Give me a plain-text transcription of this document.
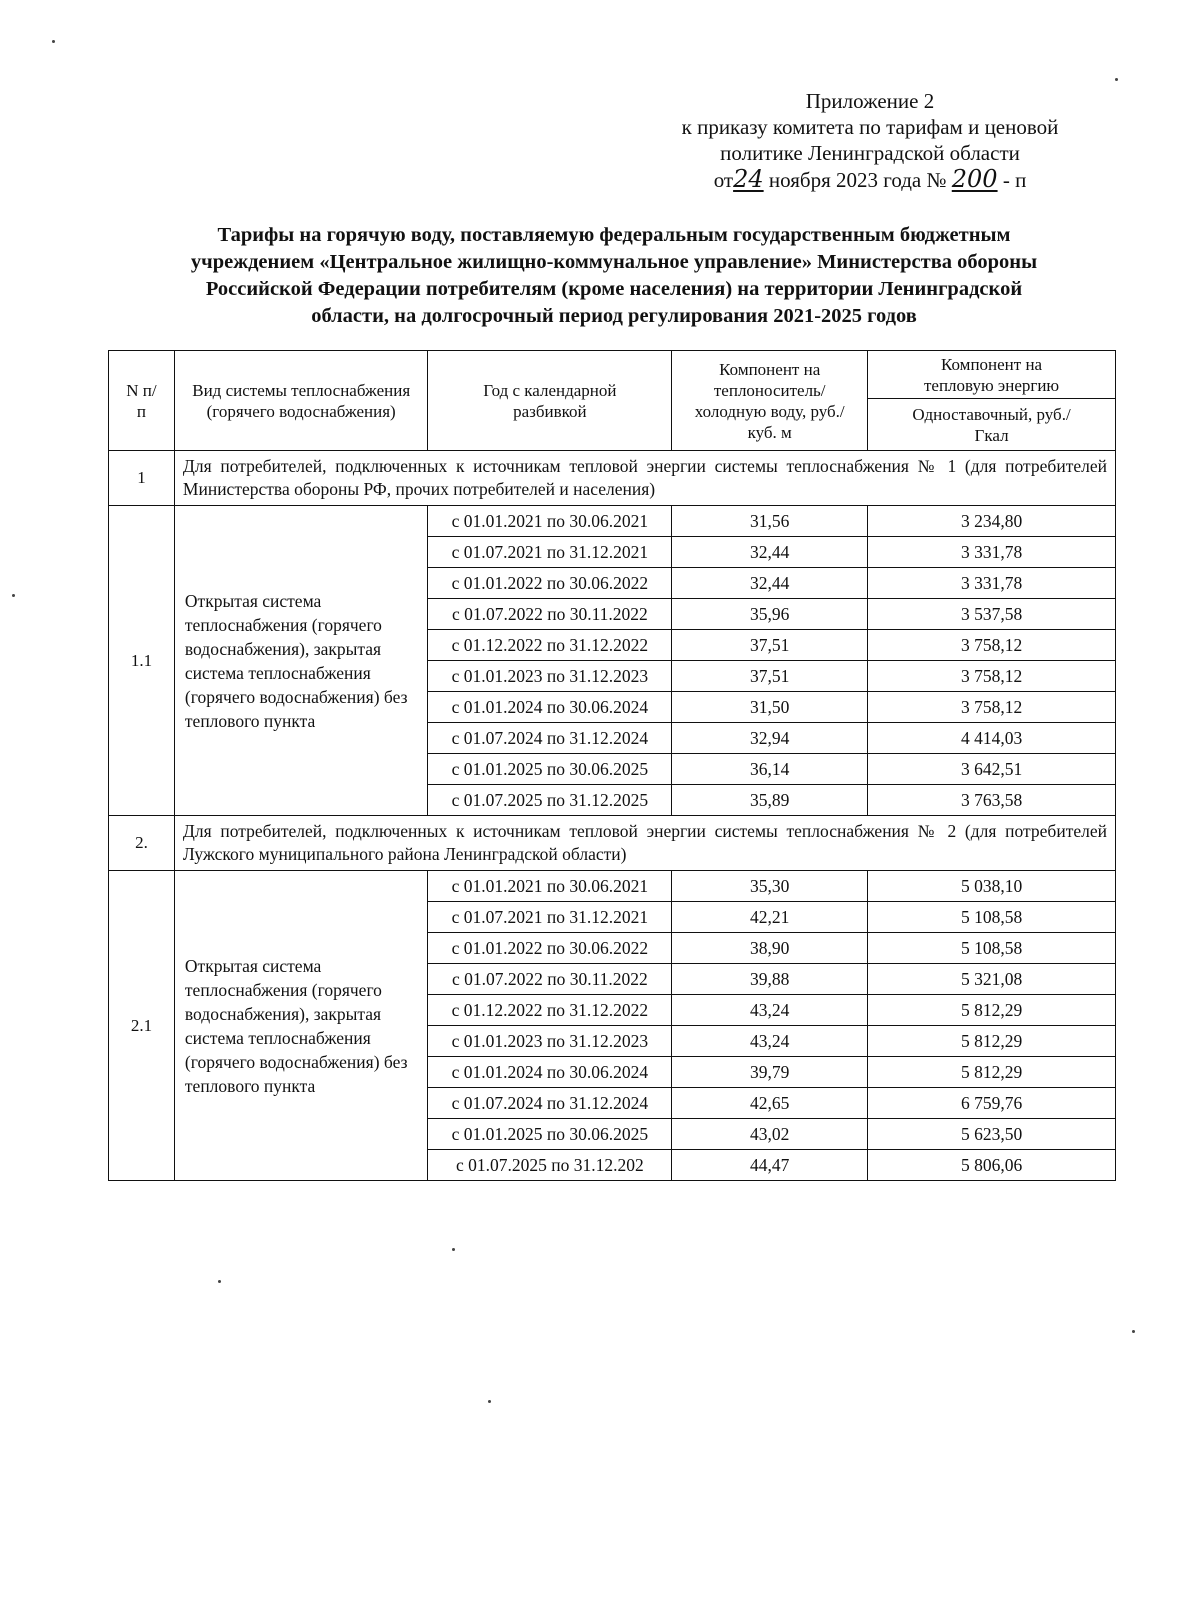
Приложение 2
к приказу комитета по тарифам и ценовой
политике Ленинградской области
от24 ноября 2023 года № 200 - п
Тарифы на горячую воду, поставляемую федеральным государственным бюджетным
учреждением «Центральное жилищно-коммунальное управление» Министерства обороны
Российской Федерации потребителям (кроме населения) на территории Ленинградской
области, на долгосрочный период регулирования 2021-2025 годов
N п/п	Вид системы теплоснабжения (горячего водоснабжения)	Год с календарной разбивкой	Компонент на теплоноситель/ холодную воду, руб./куб. м	Компонент на тепловую энергию
				Одноставочный, руб./Гкал
1	Для потребителей, подключенных к источникам тепловой энергии системы теплоснабжения № 1 (для потребителей Министерства обороны РФ, прочих потребителей и населения)			
1.1	Открытая система теплоснабжения (горячего водоснабжения), закрытая система теплоснабжения (горячего водоснабжения) без теплового пункта	с 01.01.2021 по 30.06.2021	31,56	3 234,80
		с 01.07.2021 по 31.12.2021	32,44	3 331,78
		с 01.01.2022 по 30.06.2022	32,44	3 331,78
		с 01.07.2022 по 30.11.2022	35,96	3 537,58
		с 01.12.2022 по 31.12.2022	37,51	3 758,12
		с 01.01.2023 по 31.12.2023	37,51	3 758,12
		с 01.01.2024 по 30.06.2024	31,50	3 758,12
		с 01.07.2024 по 31.12.2024	32,94	4 414,03
		с 01.01.2025 по 30.06.2025	36,14	3 642,51
		с 01.07.2025 по 31.12.2025	35,89	3 763,58
2.	Для потребителей, подключенных к источникам тепловой энергии системы теплоснабжения № 2 (для потребителей Лужского муниципального района Ленинградской области)			
2.1	Открытая система теплоснабжения (горячего водоснабжения), закрытая система теплоснабжения (горячего водоснабжения) без теплового пункта	с 01.01.2021 по 30.06.2021	35,30	5 038,10
		с 01.07.2021 по 31.12.2021	42,21	5 108,58
		с 01.01.2022 по 30.06.2022	38,90	5 108,58
		с 01.07.2022 по 30.11.2022	39,88	5 321,08
		с 01.12.2022 по 31.12.2022	43,24	5 812,29
		с 01.01.2023 по 31.12.2023	43,24	5 812,29
		с 01.01.2024 по 30.06.2024	39,79	5 812,29
		с 01.07.2024 по 31.12.2024	42,65	6 759,76
		с 01.01.2025 по 30.06.2025	43,02	5 623,50
		с 01.07.2025 по 31.12.202	44,47	5 806,06
